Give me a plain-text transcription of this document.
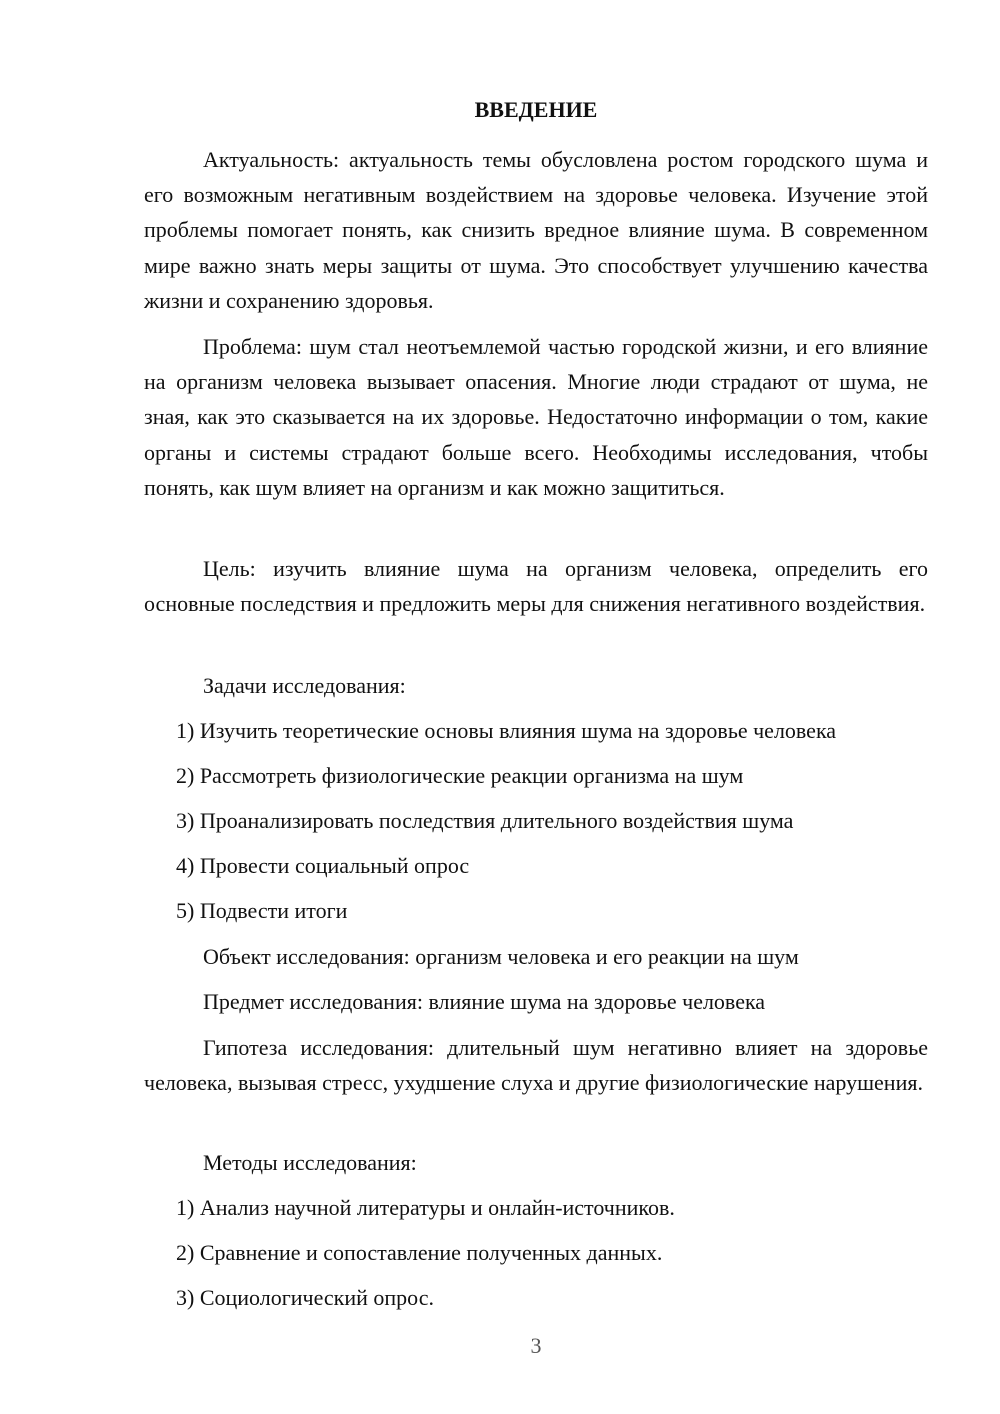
ВВЕДЕНИЕ

Актуальность: актуальность темы обусловлена ростом городского шума и его возможным негативным воздействием на здоровье человека. Изучение этой проблемы помогает понять, как снизить вредное влияние шума. В современном мире важно знать меры защиты от шума. Это способствует улучшению качества жизни и сохранению здоровья.

Проблема: шум стал неотъемлемой частью городской жизни, и его влияние на организм человека вызывает опасения. Многие люди страдают от шума, не зная, как это сказывается на их здоровье. Недостаточно информации о том, какие органы и системы страдают больше всего. Необходимы исследования, чтобы понять, как шум влияет на организм и как можно защититься.

Цель: изучить влияние шума на организм человека, определить его основные последствия и предложить меры для снижения негативного воздействия.

Задачи исследования:
1) Изучить теоретические основы влияния шума на здоровье человека
2) Рассмотреть физиологические реакции организма на шум
3) Проанализировать последствия длительного воздействия шума
4) Провести социальный опрос
5) Подвести итоги
Объект исследования: организм человека и его реакции на шум
Предмет исследования: влияние шума на здоровье человека

Гипотеза исследования: длительный шум негативно влияет на здоровье человека, вызывая стресс, ухудшение слуха и другие физиологические нарушения.

Методы исследования:
1) Анализ научной литературы и онлайн-источников.
2) Сравнение и сопоставление полученных данных.
3) Социологический опрос.
3
